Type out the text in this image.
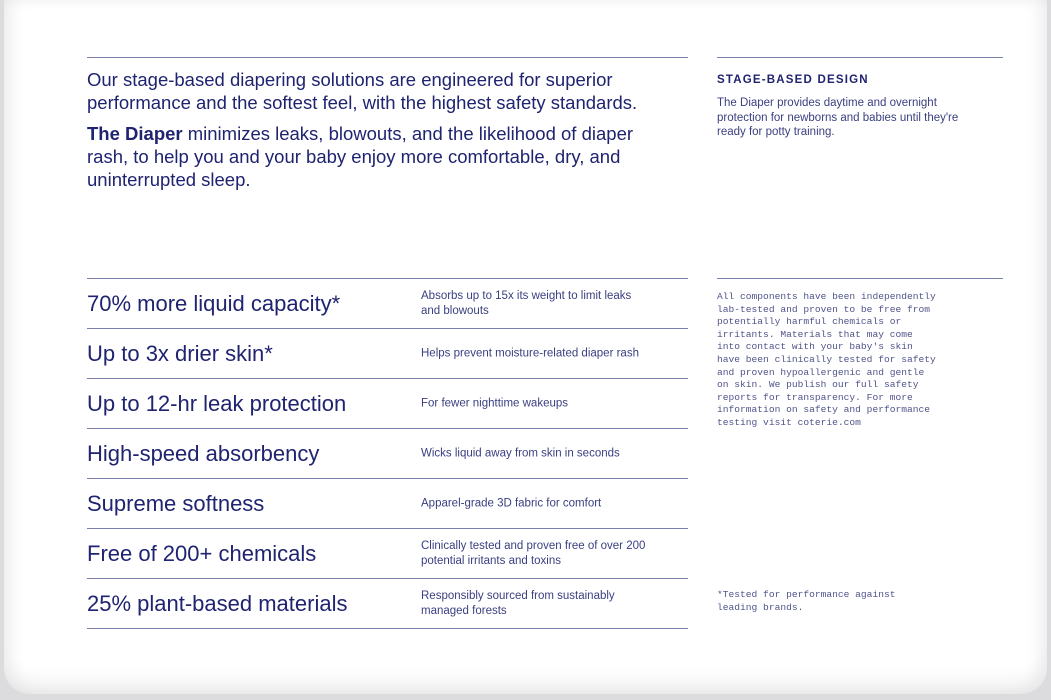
Our stage-based diapering solutions are engineered for superior performance and the softest feel, with the highest safety standards.

The Diaper minimizes leaks, blowouts, and the likelihood of diaper rash, to help you and your baby enjoy more comfortable, dry, and uninterrupted sleep.

STAGE-BASED DESIGN
The Diaper provides daytime and overnight protection for newborns and babies until they're ready for potty training.
70% more liquid capacity*	Absorbs up to 15x its weight to limit leaks and blowouts
Up to 3x drier skin*	Helps prevent moisture-related diaper rash
Up to 12-hr leak protection	For fewer nighttime wakeups
High-speed absorbency	Wicks liquid away from skin in seconds
Supreme softness	Apparel-grade 3D fabric for comfort
Free of 200+ chemicals	Clinically tested and proven free of over 200 potential irritants and toxins
25% plant-based materials	Responsibly sourced from sustainably managed forests
All components have been independently
lab-tested and proven to be free from
potentially harmful chemicals or
irritants. Materials that may come
into contact with your baby's skin
have been clinically tested for safety
and proven hypoallergenic and gentle
on skin. We publish our full safety
reports for transparency. For more
information on safety and performance
testing visit coterie.com
*Tested for performance against
leading brands.
